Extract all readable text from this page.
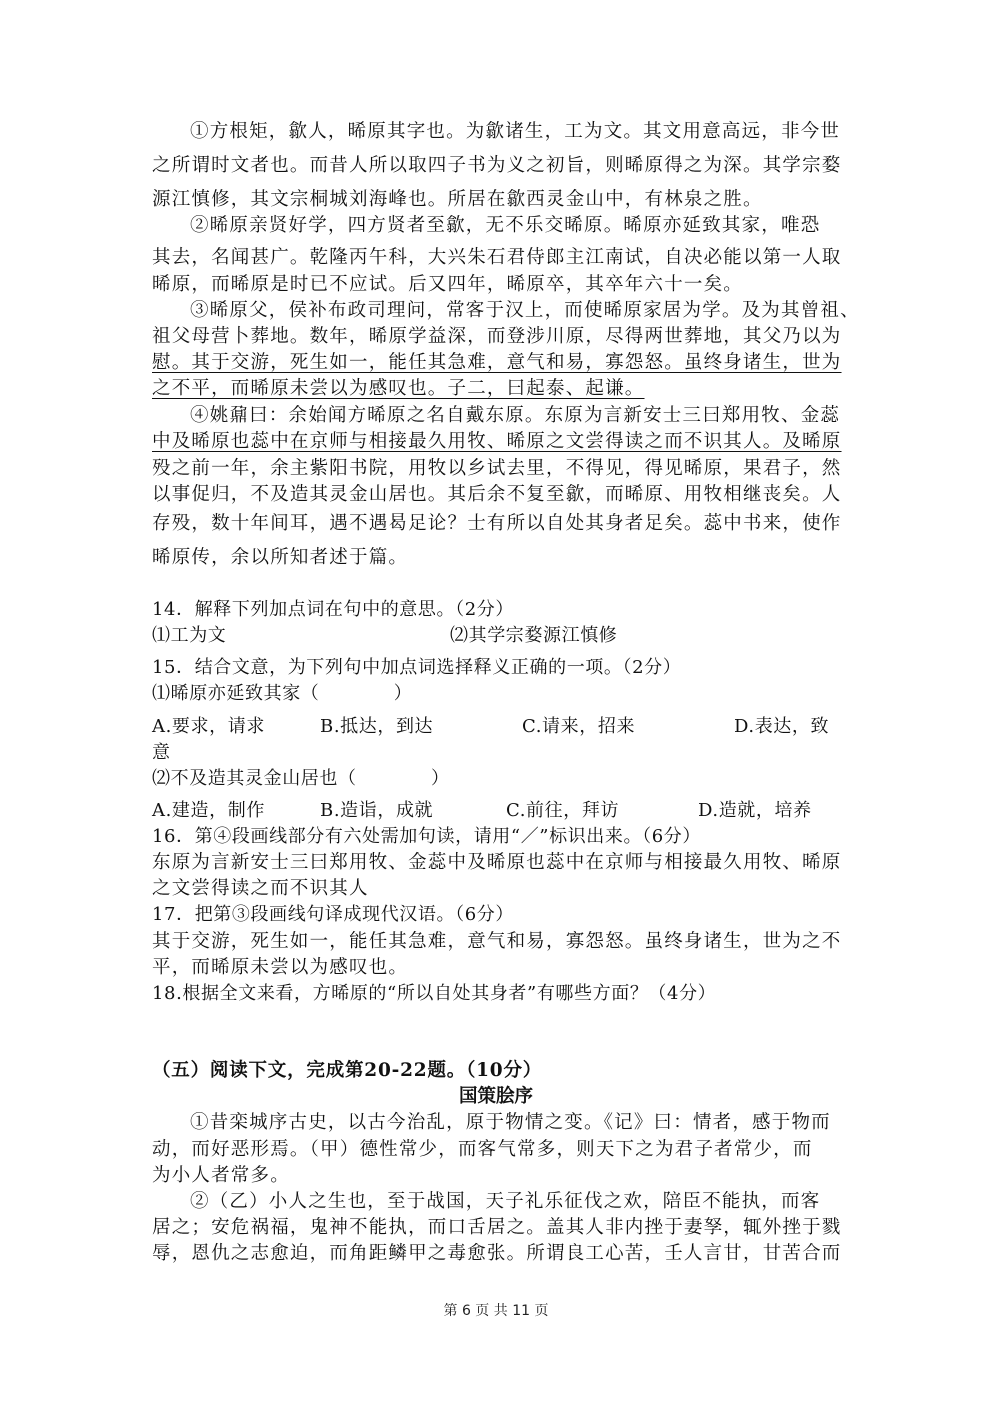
①方根矩，歙人，晞原其字也。为歙诸生，工为文。其文用意高远，非今世
之所谓时文者也。而昔人所以取四子书为义之初旨，则晞原得之为深。其学宗婺
源江慎修，其文宗桐城刘海峰也。所居在歙西灵金山中，有林泉之胜。
②晞原亲贤好学，四方贤者至歙，无不乐交晞原。晞原亦延致其家，唯恐
其去，名闻甚广。乾隆丙午科，大兴朱石君侍郎主江南试，自决必能以第一人取
晞原，而晞原是时已不应试。后又四年，晞原卒，其卒年六十一矣。
③晞原父，侯补布政司理问，常客于汉上，而使晞原家居为学。及为其曾祖、
祖父母营卜葬地。数年，晞原学益深，而登涉川原，尽得两世葬地，其父乃以为
慰。其于交游，死生如一，能任其急难，意气和易，寡怨怒。虽终身诸生，世为
之不平，而晞原未尝以为感叹也。子二，曰起泰、起谦。
④姚鼐曰：余始闻方晞原之名自戴东原。东原为言新安士三曰郑用牧、金蕊
中及晞原也蕊中在京师与相接最久用牧、晞原之文尝得读之而不识其人。及晞原
殁之前一年，余主紫阳书院，用牧以乡试去里，不得见，得见晞原，果君子，然
以事促归，不及造其灵金山居也。其后余不复至歙，而晞原、用牧相继丧矣。人
存殁，数十年间耳，遇不遇曷足论？士有所以自处其身者足矣。蕊中书来，使作
晞原传，余以所知者述于篇。
14．解释下列加点词在句中的意思。（2分）
⑴工为文	⑵其学宗婺源江慎修
15．结合文意，为下列句中加点词选择释义正确的一项。（2分）
⑴晞原亦延致其家（　　　　）
A.要求，请求	B.抵达，到达	C.请来，招来	D.表达，致
意
⑵不及造其灵金山居也（　　　　）
A.建造，制作	B.造诣，成就	C.前往，拜访	D.造就，培养
16．第④段画线部分有六处需加句读，请用“／”标识出来。（6分）
东原为言新安士三曰郑用牧、金蕊中及晞原也蕊中在京师与相接最久用牧、晞原
之文尝得读之而不识其人
17．把第③段画线句译成现代汉语。（6分）
其于交游，死生如一，能任其急难，意气和易，寡怨怒。虽终身诸生，世为之不
平，而晞原未尝以为感叹也。
18.根据全文来看，方晞原的“所以自处其身者”有哪些方面？（4分）
（五）阅读下文，完成第20-22题。（10分）
国策脍序
①昔栾城序古史，以古今治乱，原于物情之变。《记》曰：情者，感于物而
动，而好恶形焉。（甲）德性常少，而客气常多，则天下之为君子者常少，而
为小人者常多。
②（乙）小人之生也，至于战国，天子礼乐征伐之欢，陪臣不能执，而客
居之；安危祸福，鬼神不能执，而口舌居之。盖其人非内挫于妻孥，辄外挫于戮
辱，恩仇之志愈迫，而角距鳞甲之毒愈张。所谓良工心苦，壬人言甘，甘苦合而
第 6 页 共 11 页
